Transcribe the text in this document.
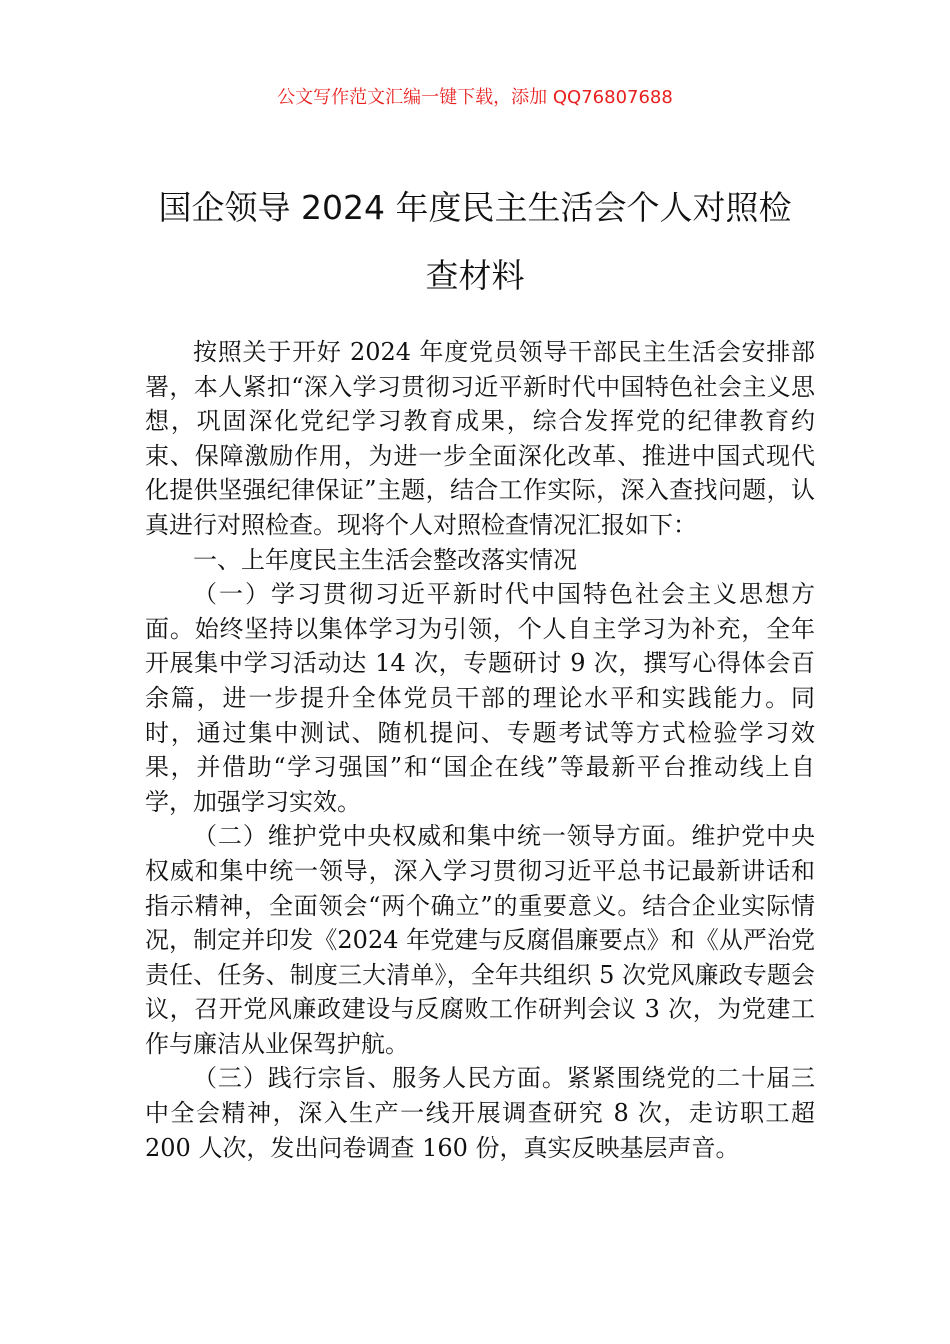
公文写作范文汇编一键下载，添加 QQ76807688
国企领导 2024 年度民主生活会个人对照检
查材料

按照关于开好 2024 年度党员领导干部民主生活会安排部署，本人紧扣“深入学习贯彻习近平新时代中国特色社会主义思想，巩固深化党纪学习教育成果，综合发挥党的纪律教育约束、保障激励作用，为进一步全面深化改革、推进中国式现代化提供坚强纪律保证”主题，结合工作实际，深入查找问题，认真进行对照检查。现将个人对照检查情况汇报如下：

一、上年度民主生活会整改落实情况

（一）学习贯彻习近平新时代中国特色社会主义思想方面。始终坚持以集体学习为引领，个人自主学习为补充，全年开展集中学习活动达 14 次，专题研讨 9 次，撰写心得体会百余篇，进一步提升全体党员干部的理论水平和实践能力。同时，通过集中测试、随机提问、专题考试等方式检验学习效果，并借助“学习强国”和“国企在线”等最新平台推动线上自学，加强学习实效。

（二）维护党中央权威和集中统一领导方面。维护党中央权威和集中统一领导，深入学习贯彻习近平总书记最新讲话和指示精神，全面领会“两个确立”的重要意义。结合企业实际情况，制定并印发《2024 年党建与反腐倡廉要点》和《从严治党责任、任务、制度三大清单》，全年共组织 5 次党风廉政专题会议，召开党风廉政建设与反腐败工作研判会议 3 次，为党建工作与廉洁从业保驾护航。

（三）践行宗旨、服务人民方面。紧紧围绕党的二十届三中全会精神，深入生产一线开展调查研究 8 次，走访职工超 200 人次，发出问卷调查 160 份，真实反映基层声音。
